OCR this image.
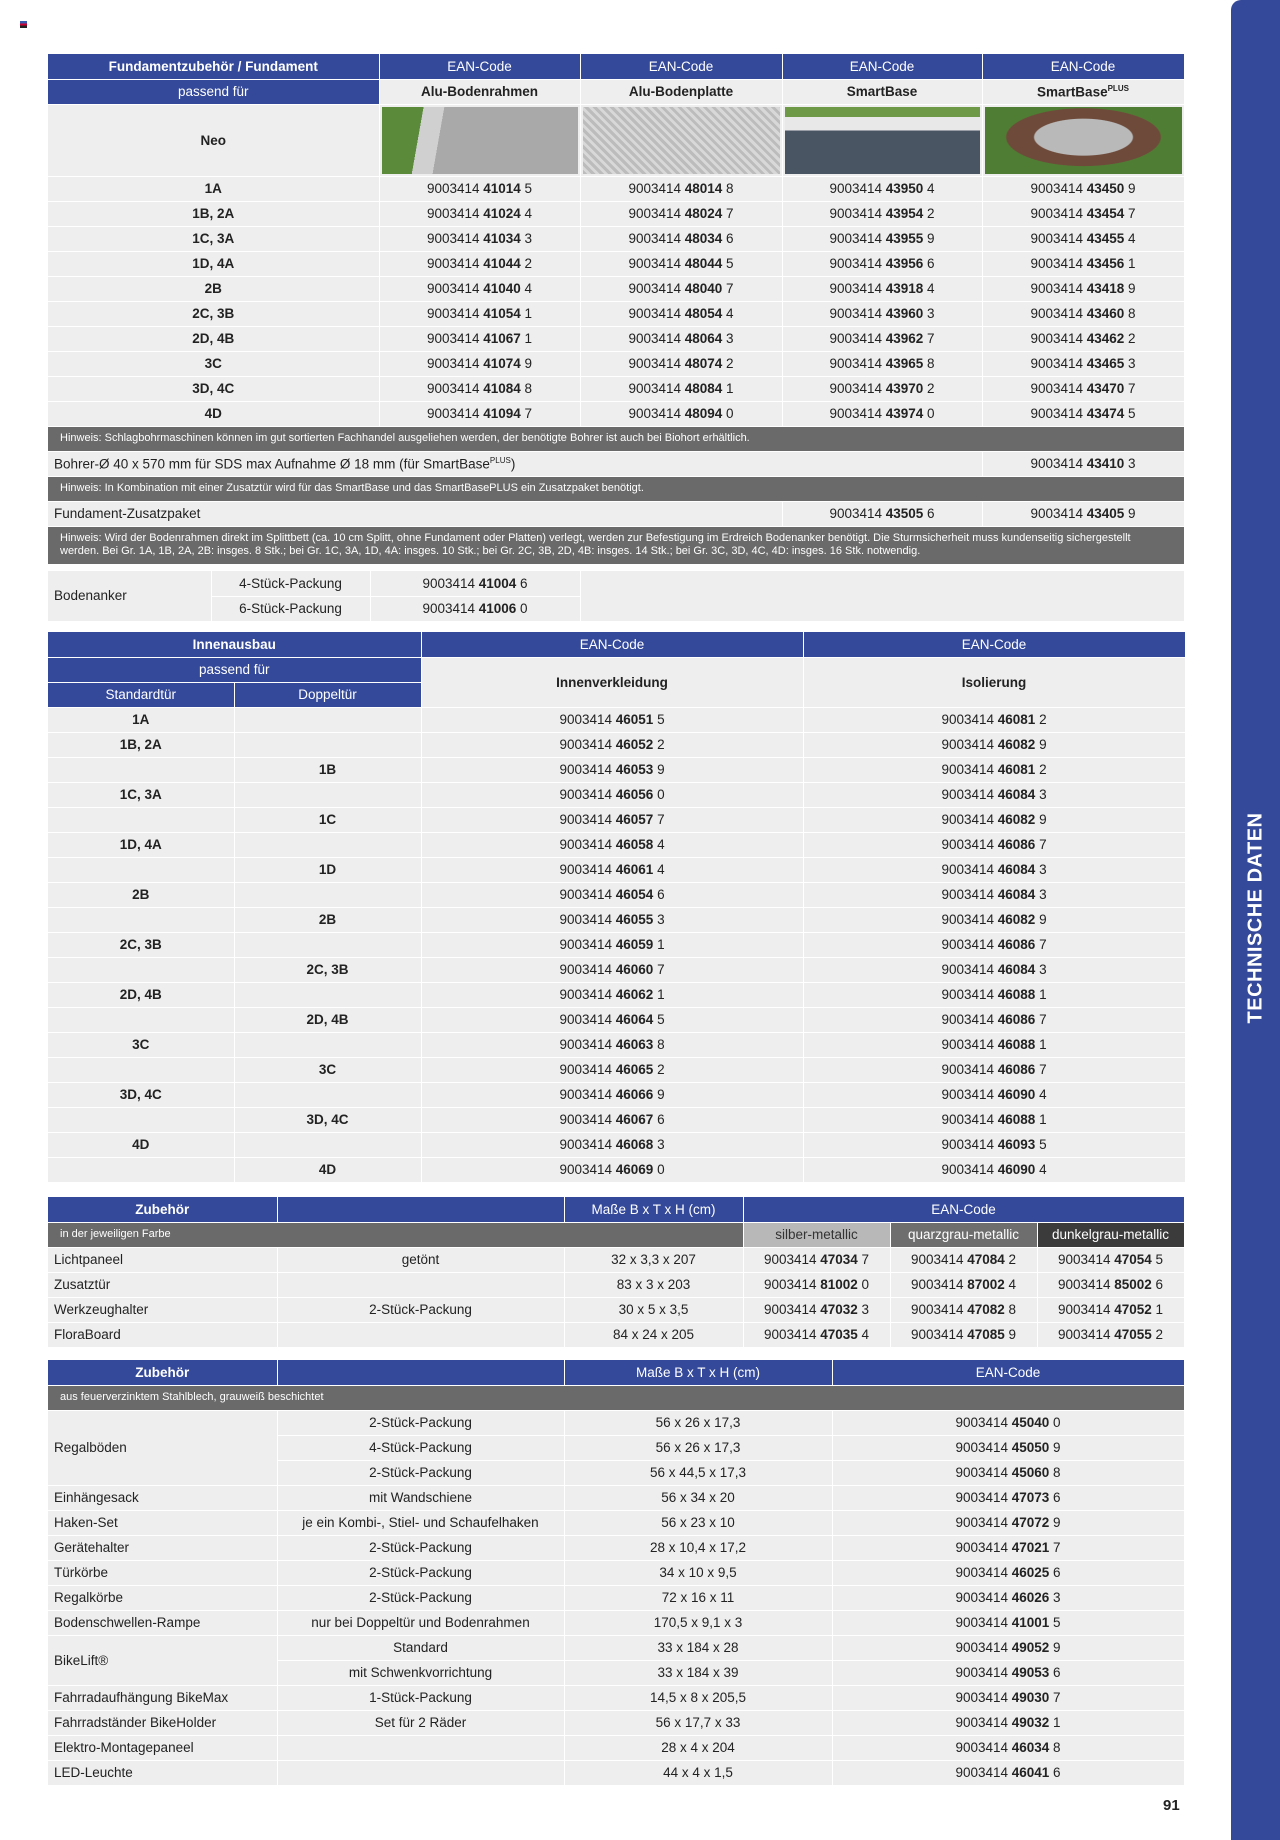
Fundamentzubehör / Fundament	EAN-Code	EAN-Code	EAN-Code	EAN-Code
passend für	Alu-Bodenrahmen	Alu-Bodenplatte	SmartBase	SmartBase$^{PLUS}$
Neo	

1A	9003414 41014 5	9003414 48014 8	9003414 43950 4	9003414 43450 9
1B, 2A	9003414 41024 4	9003414 48024 7	9003414 43954 2	9003414 43454 7
1C, 3A	9003414 41034 3	9003414 48034 6	9003414 43955 9	9003414 43455 4
1D, 4A	9003414 41044 2	9003414 48044 5	9003414 43956 6	9003414 43456 1
2B	9003414 41040 4	9003414 48040 7	9003414 43918 4	9003414 43418 9
2C, 3B	9003414 41054 1	9003414 48054 4	9003414 43960 3	9003414 43460 8
2D, 4B	9003414 41067 1	9003414 48064 3	9003414 43962 7	9003414 43462 2
3C	9003414 41074 9	9003414 48074 2	9003414 43965 8	9003414 43465 3
3D, 4C	9003414 41084 8	9003414 48084 1	9003414 43970 2	9003414 43470 7
4D	9003414 41094 7	9003414 48094 0	9003414 43974 0	9003414 43474 5
Hinweis: Schlagbohrmaschinen können im gut sortierten Fachhandel ausgeliehen werden, der benötigte Bohrer ist auch bei Biohort erhältlich.				
Bohrer-Ø 40 x 570 mm für SDS max Aufnahme Ø 18 mm (für SmartBase$^{PLUS}$)				9003414 43410 3
Hinweis: In Kombination mit einer Zusatztür wird für das SmartBase und das SmartBasePLUS ein Zusatzpaket benötigt.				
Fundament-Zusatzpaket			9003414 43505 6	9003414 43405 9
Hinweis: Wird der Bodenrahmen direkt im Splittbett (ca. 10 cm Splitt, ohne Fundament oder Platten) verlegt, werden zur Befestigung im Erdreich Bodenanker benötigt. Die Sturmsicherheit muss kundenseitig sichergestellt werden. Bei Gr. 1A, 1B, 2A, 2B: insges. 8 Stk.; bei Gr. 1C, 3A, 1D, 4A: insges. 10 Stk.; bei Gr. 2C, 3B, 2D, 4B: insges. 14 Stk.; bei Gr. 3C, 3D, 4C, 4D: insges. 16 Stk. notwendig.				
Bodenanker	4-Stück-Packung	9003414 41004 6	
	6-Stück-Packung	9003414 41006 0	
Innenausbau		EAN-Code	EAN-Code
passend für		Innenverkleidung	Isolierung
Standardtür	Doppeltür		
1A		9003414 46051 5	9003414 46081 2
1B, 2A		9003414 46052 2	9003414 46082 9
	1B	9003414 46053 9	9003414 46081 2
1C, 3A		9003414 46056 0	9003414 46084 3
	1C	9003414 46057 7	9003414 46082 9
1D, 4A		9003414 46058 4	9003414 46086 7
	1D	9003414 46061 4	9003414 46084 3
2B		9003414 46054 6	9003414 46084 3
	2B	9003414 46055 3	9003414 46082 9
2C, 3B		9003414 46059 1	9003414 46086 7
	2C, 3B	9003414 46060 7	9003414 46084 3
2D, 4B		9003414 46062 1	9003414 46088 1
	2D, 4B	9003414 46064 5	9003414 46086 7
3C		9003414 46063 8	9003414 46088 1
	3C	9003414 46065 2	9003414 46086 7
3D, 4C		9003414 46066 9	9003414 46090 4
	3D, 4C	9003414 46067 6	9003414 46088 1
4D		9003414 46068 3	9003414 46093 5
	4D	9003414 46069 0	9003414 46090 4
Zubehör		Maße B x T x H (cm)	EAN-Code		
in der jeweiligen Farbe			silber-metallic	quarzgrau-metallic	dunkelgrau-metallic
Lichtpaneel	getönt	32 x 3,3 x 207	9003414 47034 7	9003414 47084 2	9003414 47054 5
Zusatztür		83 x 3 x 203	9003414 81002 0	9003414 87002 4	9003414 85002 6
Werkzeughalter	2-Stück-Packung	30 x 5 x 3,5	9003414 47032 3	9003414 47082 8	9003414 47052 1
FloraBoard		84 x 24 x 205	9003414 47035 4	9003414 47085 9	9003414 47055 2
Zubehör		Maße B x T x H (cm)	EAN-Code
aus feuerverzinktem Stahlblech, grauweiß beschichtet			
Regalböden	2-Stück-Packung	56 x 26 x 17,3	9003414 45040 0
	4-Stück-Packung	56 x 26 x 17,3	9003414 45050 9
	2-Stück-Packung	56 x 44,5 x 17,3	9003414 45060 8
Einhängesack	mit Wandschiene	56 x 34 x 20	9003414 47073 6
Haken-Set	je ein Kombi-, Stiel- und Schaufelhaken	56 x 23 x 10	9003414 47072 9
Gerätehalter	2-Stück-Packung	28 x 10,4 x 17,2	9003414 47021 7
Türkörbe	2-Stück-Packung	34 x 10 x 9,5	9003414 46025 6
Regalkörbe	2-Stück-Packung	72 x 16 x 11	9003414 46026 3
Bodenschwellen-Rampe	nur bei Doppeltür und Bodenrahmen	170,5 x 9,1 x 3	9003414 41001 5
BikeLift®	Standard	33 x 184 x 28	9003414 49052 9
	mit Schwenkvorrichtung	33 x 184 x 39	9003414 49053 6
Fahrradaufhängung BikeMax	1-Stück-Packung	14,5 x 8 x 205,5	9003414 49030 7
Fahrradständer BikeHolder	Set für 2 Räder	56 x 17,7 x 33	9003414 49032 1
Elektro-Montagepaneel		28 x 4 x 204	9003414 46034 8
LED-Leuchte		44 x 4 x 1,5	9003414 46041 6
91
TECHNISCHE DATEN
